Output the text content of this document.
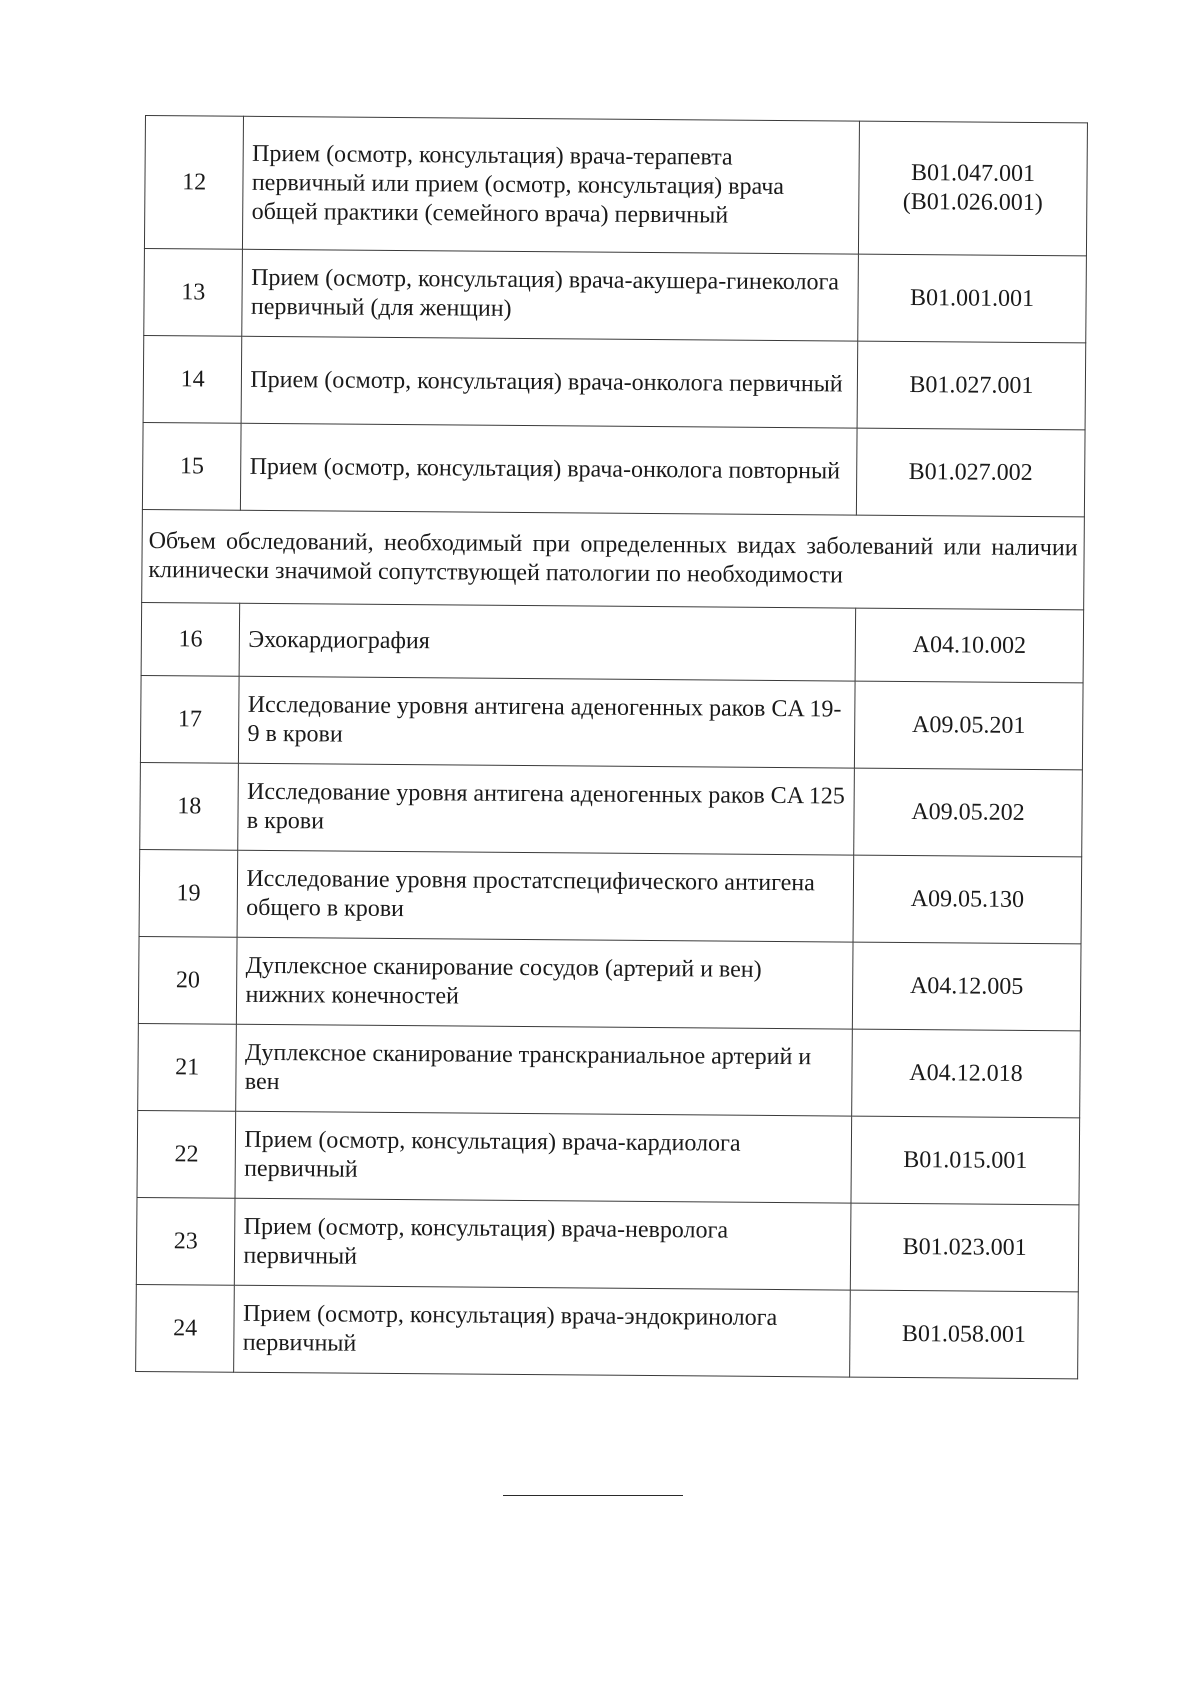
12	Прием (осмотр, консультация) врача-терапевта первичный или прием (осмотр, консультация) врача общей практики (семейного врача) первичный	B01.047.001
(B01.026.001)

13	Прием (осмотр, консультация) врача-акушера-гинеколога первичный (для женщин)	B01.001.001
14	Прием (осмотр, консультация) врача-онколога первичный	B01.027.001
15	Прием (осмотр, консультация) врача-онколога повторный	B01.027.002
Объем обследований, необходимый при определенных видах заболеваний или наличии клинически значимой сопутствующей патологии по необходимости		
16	Эхокардиография	A04.10.002
17	Исследование уровня антигена аденогенных раков CA 19-9 в крови	A09.05.201
18	Исследование уровня антигена аденогенных раков CA 125 в крови	A09.05.202
19	Исследование уровня простатспецифического антигена общего в крови	A09.05.130
20	Дуплексное сканирование сосудов (артерий и вен) нижних конечностей	A04.12.005
21	Дуплексное сканирование транскраниальное артерий и вен	A04.12.018
22	Прием (осмотр, консультация) врача-кардиолога первичный	B01.015.001
23	Прием (осмотр, консультация) врача-невролога первичный	B01.023.001
24	Прием (осмотр, консультация) врача-эндокринолога первичный	B01.058.001
